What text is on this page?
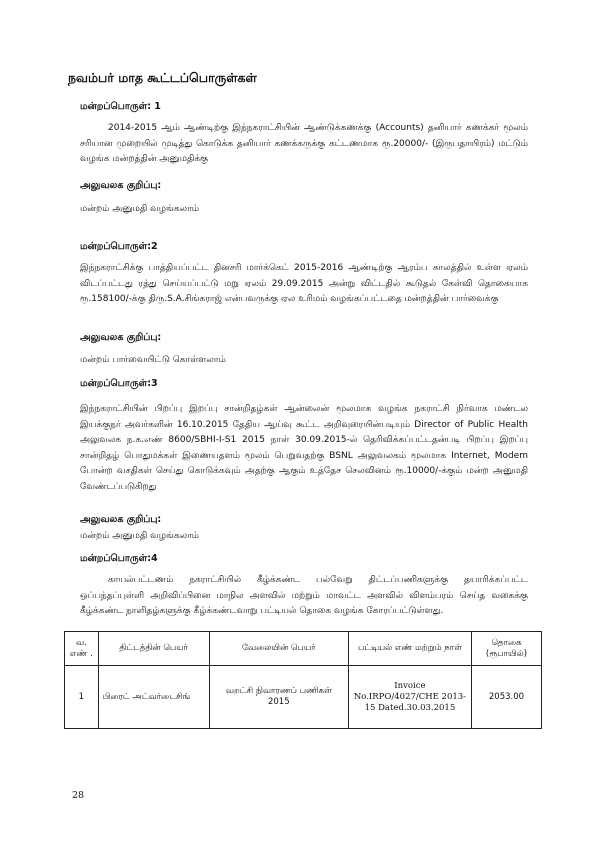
நவம்பர் மாத கூட்டப்பொருள்கள்
மன்றப்பொருள்: 1
2014-2015 ஆம் ஆண்டிற்கு இந்நகராட்சியின் ஆண்டுக்கணக்கு (Accounts) தனியார் கணக்கர் மூலம் சரியான முறையில் முடித்து கொடுக்க தனியார் கணக்கருக்கு கட்டணமாக ரூ.20000/- (இருபதாயிரம்) மட்டும் வழங்க மன்றத்தின் அனுமதிக்கு
அலுவலக குறிப்பு:
மன்றம் அனுமதி வழங்கலாம்
மன்றப்பொருள்:2
இந்நகராட்சிக்கு பாத்தியப்பட்ட தினசரி மார்க்கெட் 2015-2016 ஆண்டிற்கு ஆரம்ப காலத்தில் உள்ள ஏலம் விடப்பட்டது ரத்து செய்யப்பட்டு மறு ஏலம் 29.09.2015 அன்று விட்டதில் கூடுதல் கேள்வி தொகையாக ரூ.158100/-க்கு திரு.S.A.சிங்கராஜ் என்பவருக்கு ஏல உரிமம் வழங்கப்பட்டதை மன்றத்தின் பார்வைக்கு
அலுவலக குறிப்பு:
மன்றம் பார்வையிட்டு கொள்ளலாம்
மன்றப்பொருள்:3
இந்நகராட்சியின் பிறப்பு இறப்பு சான்றிதழ்கள் ஆன்லைன் மூலமாக வழங்க நகராட்சி நிர்வாக மண்டல இயக்குநர் அவர்களின் 16.10.2015 தேதிய ஆய்வு கூட்ட அறிவுரையின்படியும் Director of Public Health அலுவலக ந.க.எண் 8600/SBHI-I-S1 2015 நாள் 30.09.2015-ல் தெரிவிக்கப்பட்டதன்படி பிறப்பு இறப்பு சான்றிதழ் பொதுமக்கள் இணையதளம் மூலம் பெறுவதற்கு BSNL அலுவலகம் மூலமாக Internet, Modem போன்ற வசதிகள் செய்து கொடுக்கவும் அதற்கு ஆகும் உத்தேச செலவினம் ரூ.10000/-க்கும் மன்ற அனுமதி வேண்டப்படுகிறது
அலுவலக குறிப்பு:
மன்றம் அனுமதி வழங்கலாம்
மன்றப்பொருள்:4
காயல்பட்டணம் நகராட்சியில் கீழ்க்கண்ட பல்வேறு திட்டப்பணிகளுக்கு தயாரிக்கப்பட்ட ஒப்பந்தப்புள்ளி அறிவிப்பினை மாநில அளவில் மற்றும் மாவட்ட அளவில் விளம்பரம் செய்த வகைக்கு கீழ்க்கண்ட நாளிதழ்களுக்கு கீழ்க்கண்டவாறு பட்டியல் தொகை வழங்க கோரப்பட்டுள்ளது.
வ. எண் .	திட்டத்தின் பெயர்	வேலையின் பெயர்	பட்டியல் எண் மற்றும் நாள்	தொகை (ரூபாயில்)
1	பிரைட் அட்வர்டைசிங்	வறட்சி நிவாரணப் பணிகள் 2015	Invoice No.IRPO/4027/CHE 2013-15 Dated.30.03.2015	2053.00
28
